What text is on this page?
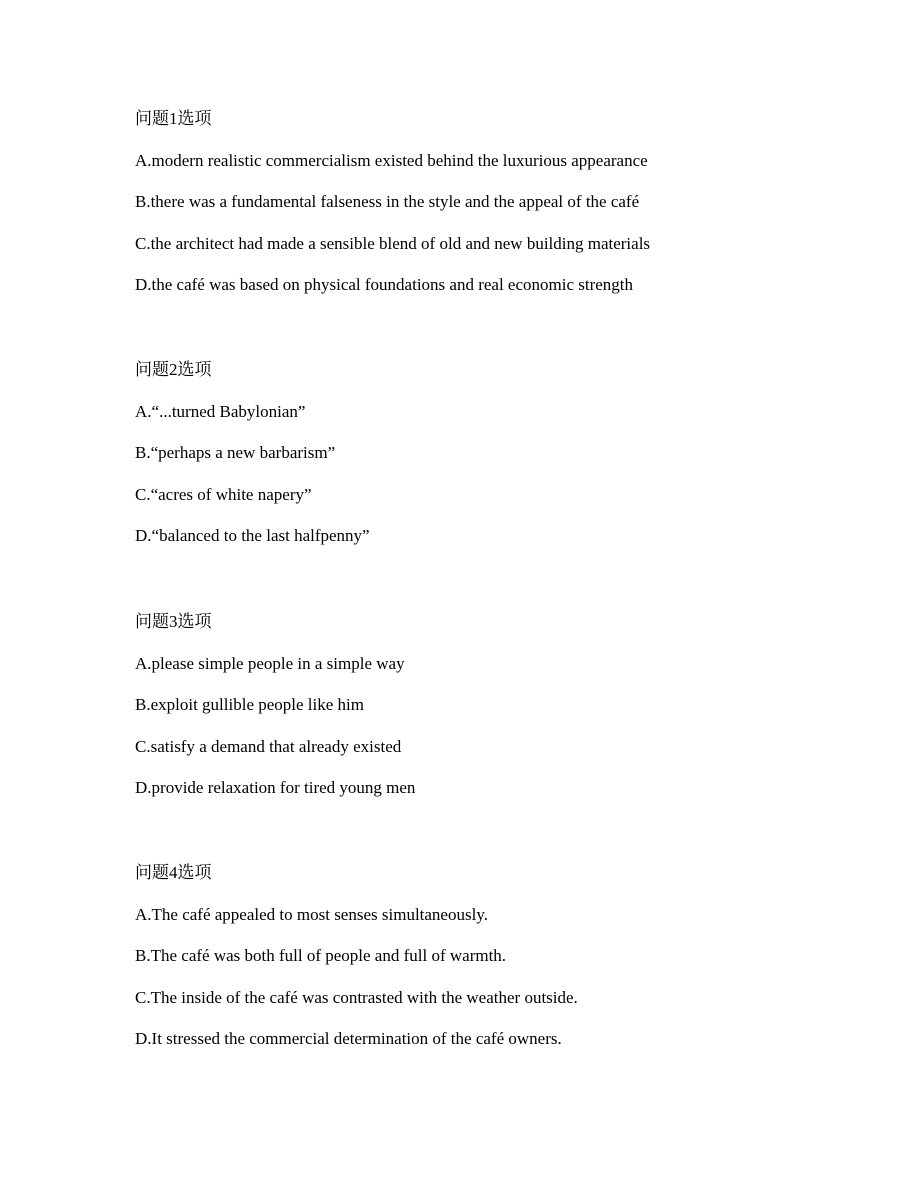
问题1选项
A.modern realistic commercialism existed behind the luxurious appearance
B.there was a fundamental falseness in the style and the appeal of the café
C.the architect had made a sensible blend of old and new building materials
D.the café was based on physical foundations and real economic strength
问题2选项
A.“...turned Babylonian”
B.“perhaps a new barbarism”
C.“acres of white napery”
D.“balanced to the last halfpenny”
问题3选项
A.please simple people in a simple way
B.exploit gullible people like him
C.satisfy a demand that already existed
D.provide relaxation for tired young men
问题4选项
A.The café appealed to most senses simultaneously.
B.The café was both full of people and full of warmth.
C.The inside of the café was contrasted with the weather outside.
D.It stressed the commercial determination of the café owners.
